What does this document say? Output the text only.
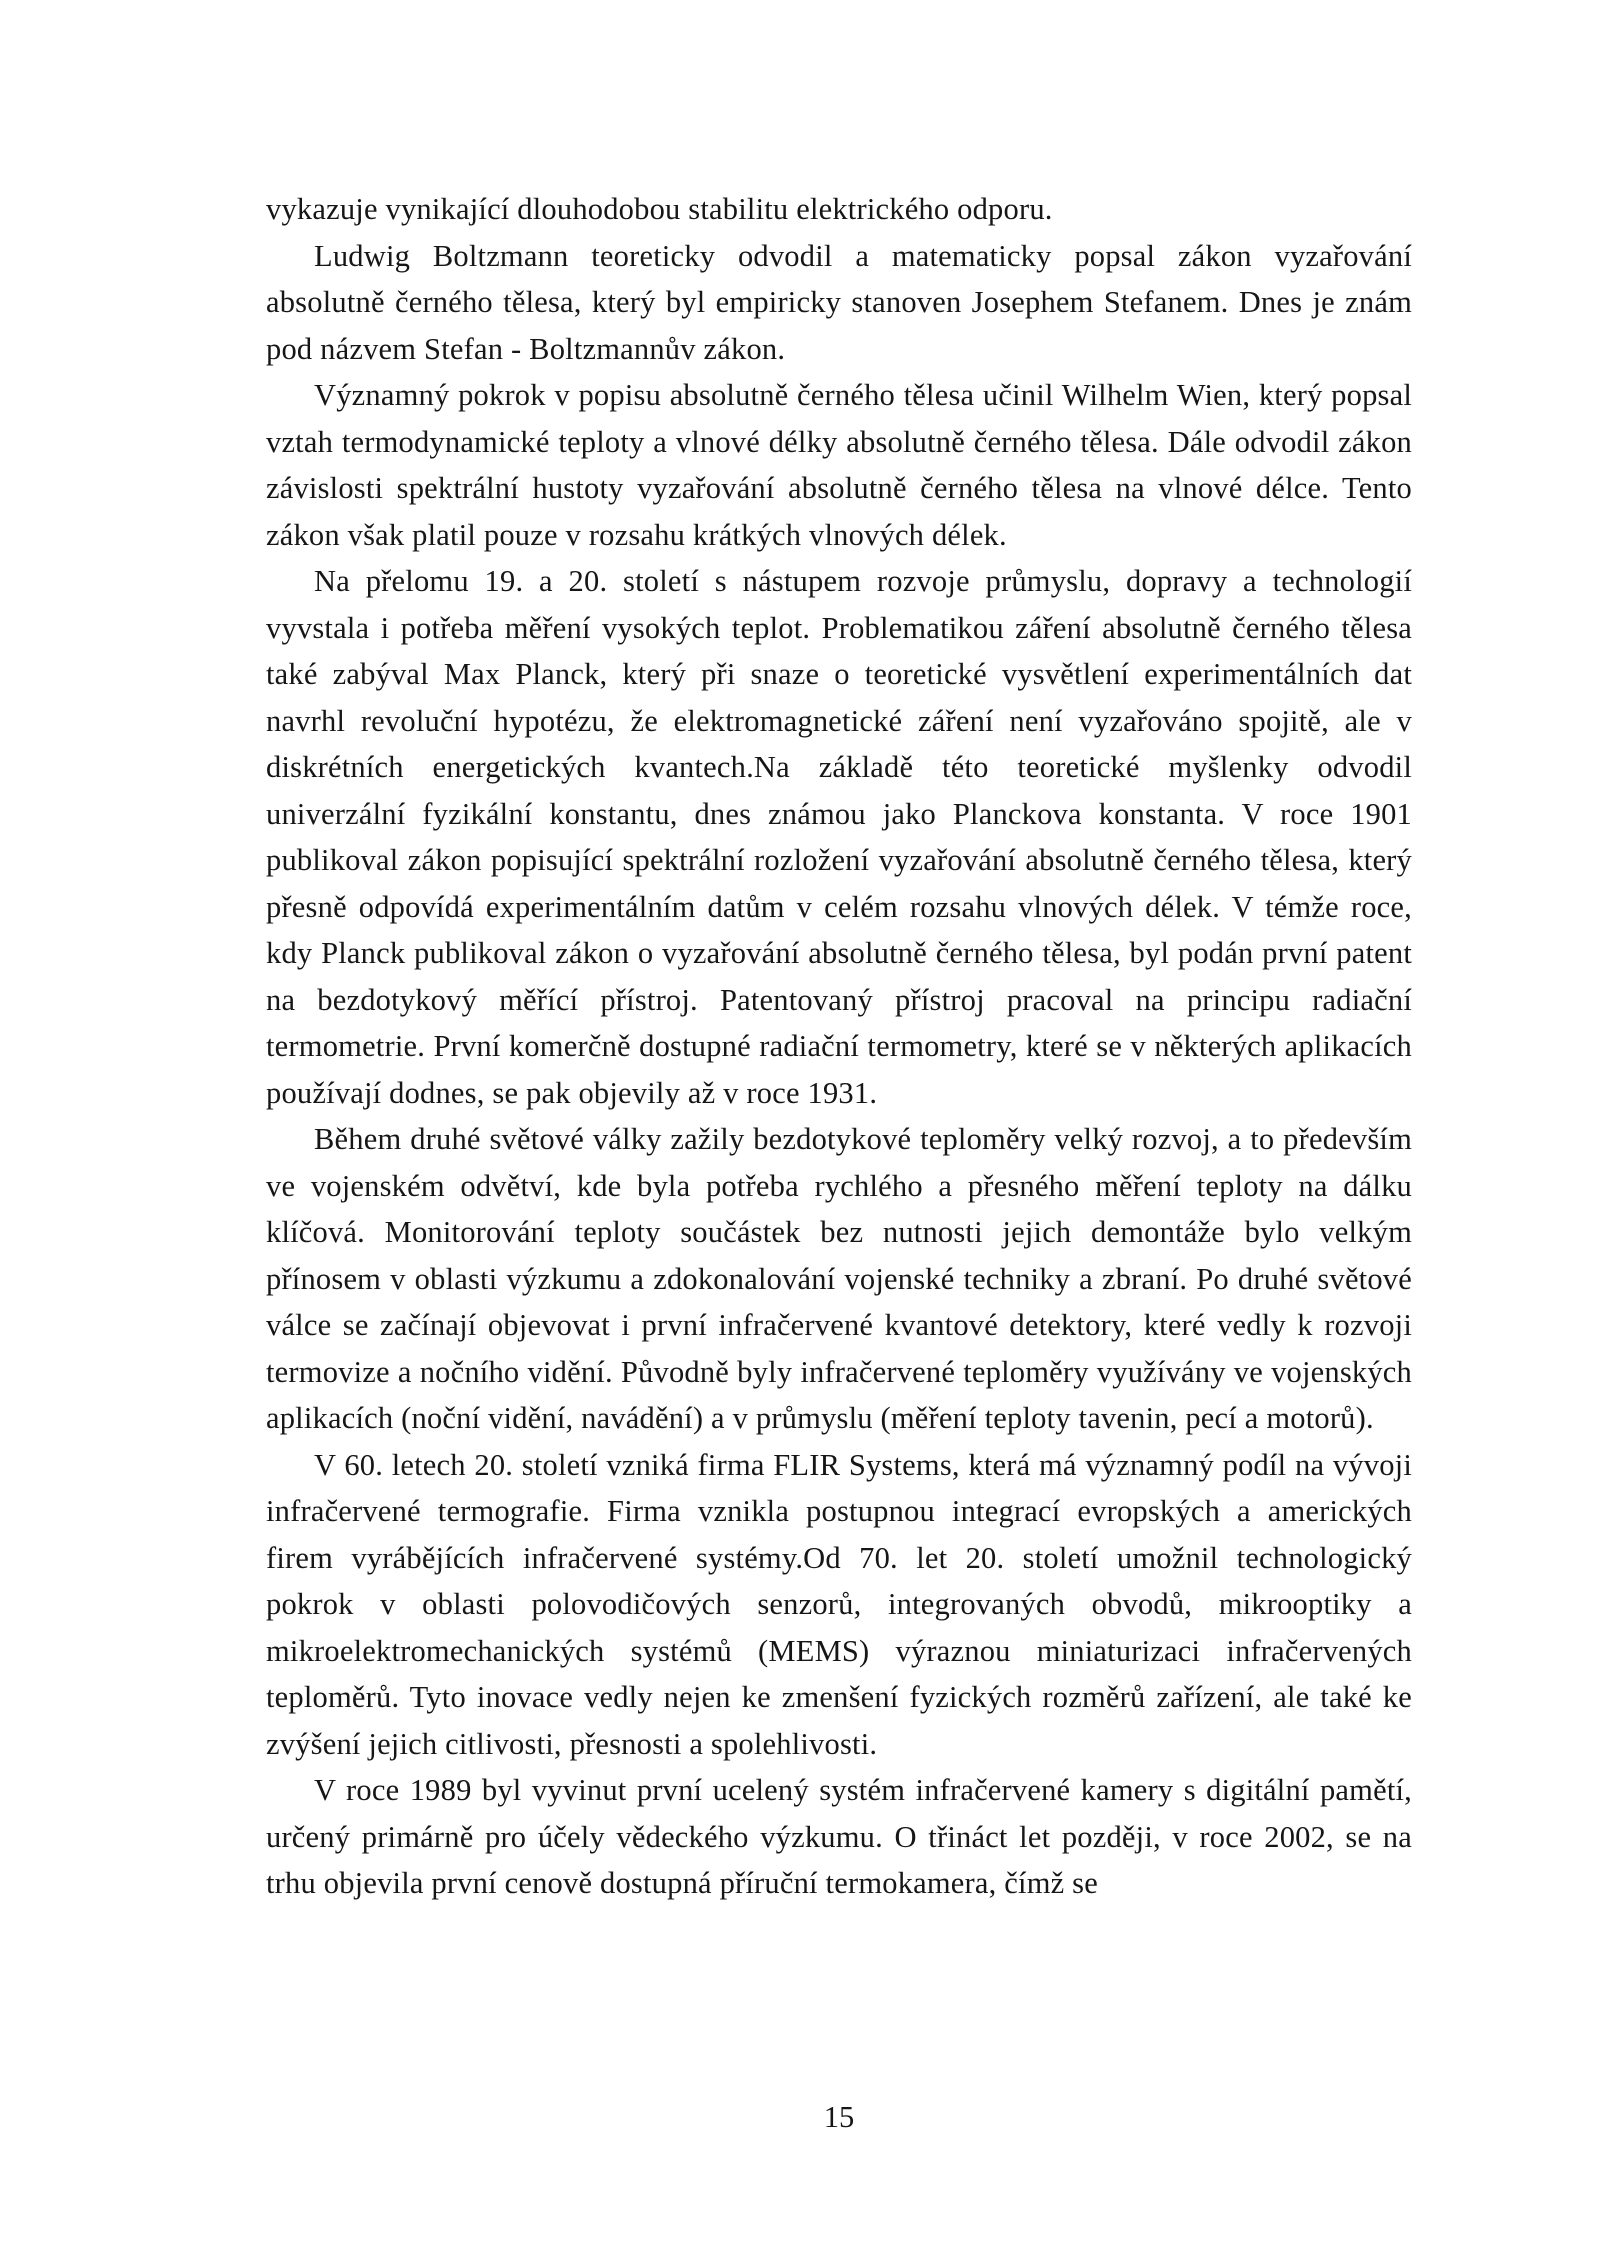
vykazuje vynikající dlouhodobou stabilitu elektrického odporu.

Ludwig Boltzmann teoreticky odvodil a matematicky popsal zákon vyzařování absolutně černého tělesa, který byl empiricky stanoven Josephem Stefanem. Dnes je znám pod názvem Stefan - Boltzmannův zákon.

Významný pokrok v popisu absolutně černého tělesa učinil Wilhelm Wien, který popsal vztah termodynamické teploty a vlnové délky absolutně černého tělesa. Dále odvodil zákon závislosti spektrální hustoty vyzařování absolutně černého tělesa na vlnové délce. Tento zákon však platil pouze v rozsahu krátkých vlnových délek.

Na přelomu 19. a 20. století s nástupem rozvoje průmyslu, dopravy a technologií vyvstala i potřeba měření vysokých teplot. Problematikou záření absolutně černého tělesa také zabýval Max Planck, který při snaze o teoretické vysvětlení experimentálních dat navrhl revoluční hypotézu, že elektromagnetické záření není vyzařováno spojitě, ale v diskrétních energetických kvantech.Na základě této teoretické myšlenky odvodil univerzální fyzikální konstantu, dnes známou jako Planckova konstanta. V roce 1901 publikoval zákon popisující spektrální rozložení vyzařování absolutně černého tělesa, který přesně odpovídá experimentálním datům v celém rozsahu vlnových délek. V témže roce, kdy Planck publikoval zákon o vyzařování absolutně černého tělesa, byl podán první patent na bezdotykový měřící přístroj. Patentovaný přístroj pracoval na principu radiační termometrie. První komerčně dostupné radiační termometry, které se v některých aplikacích používají dodnes, se pak objevily až v roce 1931.

Během druhé světové války zažily bezdotykové teploměry velký rozvoj, a to především ve vojenském odvětví, kde byla potřeba rychlého a přesného měření teploty na dálku klíčová. Monitorování teploty součástek bez nutnosti jejich demontáže bylo velkým přínosem v oblasti výzkumu a zdokonalování vojenské techniky a zbraní. Po druhé světové válce se začínají objevovat i první infračervené kvantové detektory, které vedly k rozvoji termovize a nočního vidění. Původně byly infračervené teploměry využívány ve vojenských aplikacích (noční vidění, navádění) a v průmyslu (měření teploty tavenin, pecí a motorů).

V 60. letech 20. století vzniká firma FLIR Systems, která má významný podíl na vývoji infračervené termografie. Firma vznikla postupnou integrací evropských a amerických firem vyrábějících infračervené systémy.Od 70. let 20. století umožnil technologický pokrok v oblasti polovodičových senzorů, integrovaných obvodů, mikrooptiky a mikroelektromechanických systémů (MEMS) výraznou miniaturizaci infračervených teploměrů. Tyto inovace vedly nejen ke zmenšení fyzických rozměrů zařízení, ale také ke zvýšení jejich citlivosti, přesnosti a spolehlivosti.

V roce 1989 byl vyvinut první ucelený systém infračervené kamery s digitální pamětí, určený primárně pro účely vědeckého výzkumu. O třináct let později, v roce 2002, se na trhu objevila první cenově dostupná příruční termokamera, čímž se

15
